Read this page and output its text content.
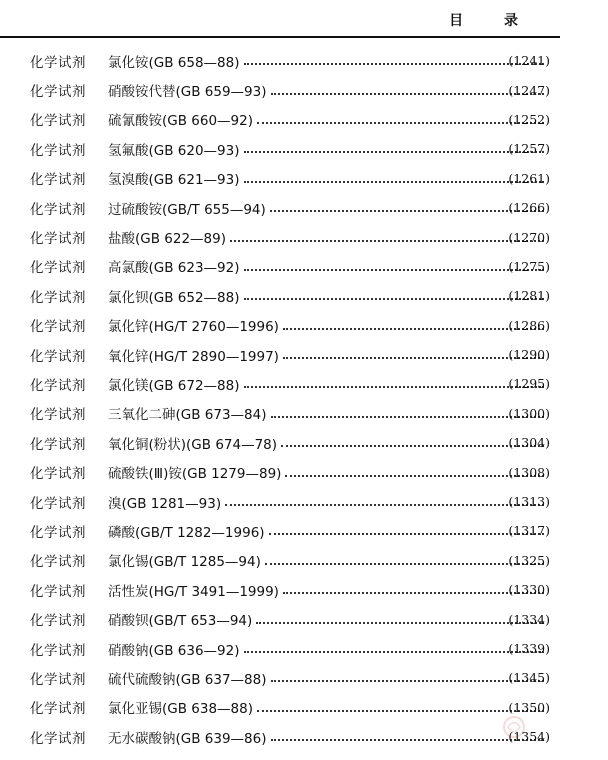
目 录
化学试剂	氯化铵(GB 658—88)	(1241)
化学试剂	硝酸铵代替(GB 659—93)	(1247)
化学试剂	硫氰酸铵(GB 660—92)	(1252)
化学试剂	氢氟酸(GB 620—93)	(1257)
化学试剂	氢溴酸(GB 621—93)	(1261)
化学试剂	过硫酸铵(GB/T 655—94)	(1266)
化学试剂	盐酸(GB 622—89)	(1270)
化学试剂	高氯酸(GB 623—92)	(1275)
化学试剂	氯化钡(GB 652—88)	(1281)
化学试剂	氯化锌(HG/T 2760—1996)	(1286)
化学试剂	氧化锌(HG/T 2890—1997)	(1290)
化学试剂	氯化镁(GB 672—88)	(1295)
化学试剂	三氧化二砷(GB 673—84)	(1300)
化学试剂	氧化铜(粉状)(GB 674—78)	(1304)
化学试剂	硫酸铁(Ⅲ)铵(GB 1279—89)	(1308)
化学试剂	溴(GB 1281—93)	(1313)
化学试剂	磷酸(GB/T 1282—1996)	(1317)
化学试剂	氯化锡(GB/T 1285—94)	(1325)
化学试剂	活性炭(HG/T 3491—1999)	(1330)
化学试剂	硝酸钡(GB/T 653—94)	(1334)
化学试剂	硝酸钠(GB 636—92)	(1339)
化学试剂	硫代硫酸钠(GB 637—88)	(1345)
化学试剂	氯化亚锡(GB 638—88)	(1350)
化学试剂	无水碳酸钠(GB 639—86)	(1354)
